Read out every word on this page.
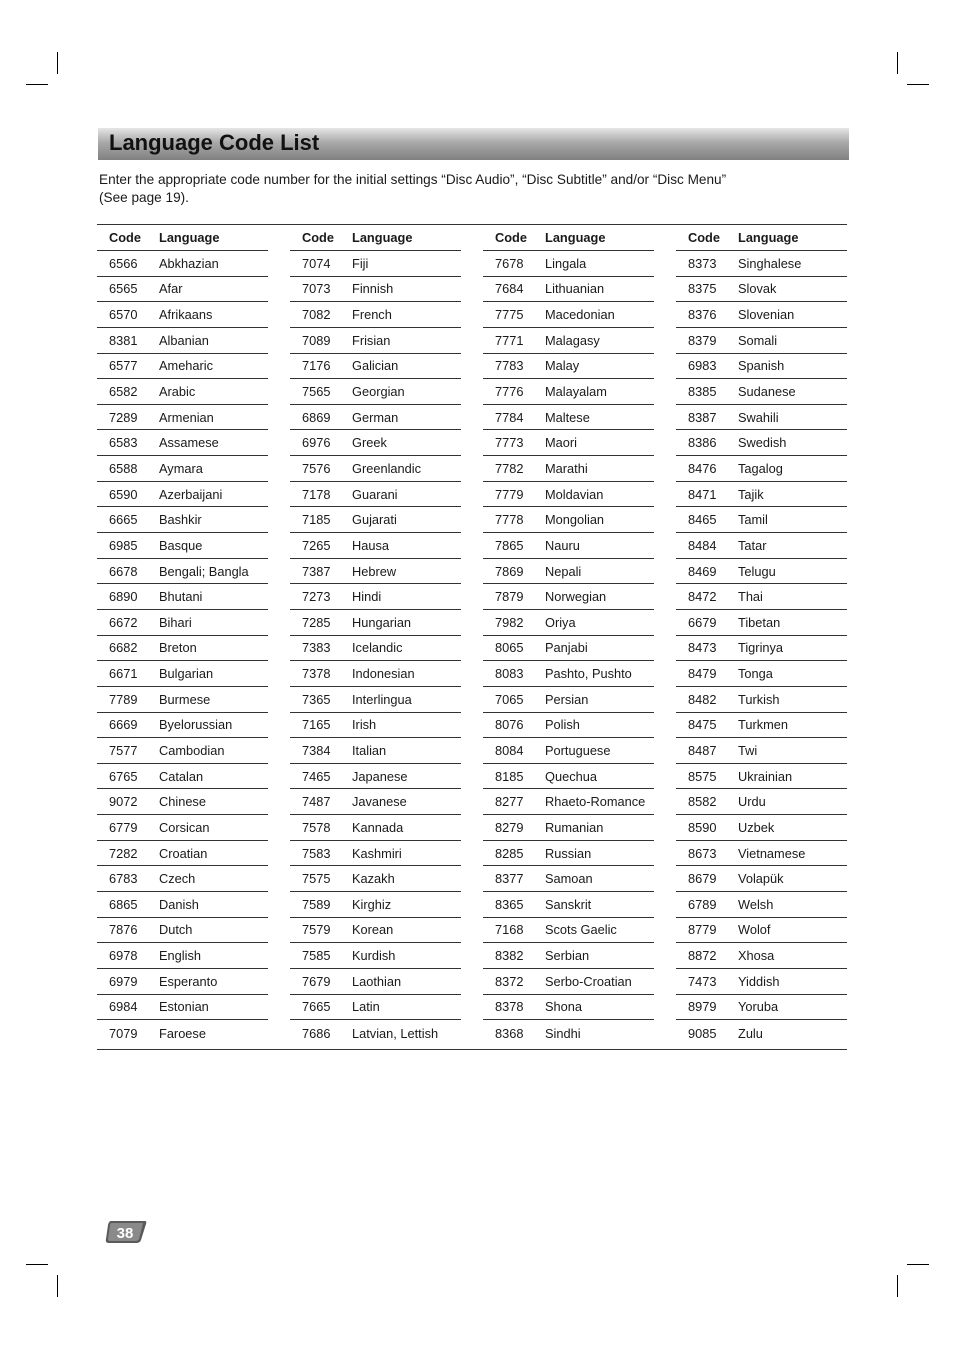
Language Code List

Enter the appropriate code number for the initial settings “Disc Audio”, “Disc Subtitle” and/or “Disc Menu”
(See page 19).

Code	Language
6566	Abkhazian
6565	Afar
6570	Afrikaans
8381	Albanian
6577	Ameharic
6582	Arabic
7289	Armenian
6583	Assamese
6588	Aymara
6590	Azerbaijani
6665	Bashkir
6985	Basque
6678	Bengali; Bangla
6890	Bhutani
6672	Bihari
6682	Breton
6671	Bulgarian
7789	Burmese
6669	Byelorussian
7577	Cambodian
6765	Catalan
9072	Chinese
6779	Corsican
7282	Croatian
6783	Czech
6865	Danish
7876	Dutch
6978	English
6979	Esperanto
6984	Estonian
7079	Faroese
Code	Language
7074	Fiji
7073	Finnish
7082	French
7089	Frisian
7176	Galician
7565	Georgian
6869	German
6976	Greek
7576	Greenlandic
7178	Guarani
7185	Gujarati
7265	Hausa
7387	Hebrew
7273	Hindi
7285	Hungarian
7383	Icelandic
7378	Indonesian
7365	Interlingua
7165	Irish
7384	Italian
7465	Japanese
7487	Javanese
7578	Kannada
7583	Kashmiri
7575	Kazakh
7589	Kirghiz
7579	Korean
7585	Kurdish
7679	Laothian
7665	Latin
7686	Latvian, Lettish
Code	Language
7678	Lingala
7684	Lithuanian
7775	Macedonian
7771	Malagasy
7783	Malay
7776	Malayalam
7784	Maltese
7773	Maori
7782	Marathi
7779	Moldavian
7778	Mongolian
7865	Nauru
7869	Nepali
7879	Norwegian
7982	Oriya
8065	Panjabi
8083	Pashto, Pushto
7065	Persian
8076	Polish
8084	Portuguese
8185	Quechua
8277	Rhaeto-Romance
8279	Rumanian
8285	Russian
8377	Samoan
8365	Sanskrit
7168	Scots Gaelic
8382	Serbian
8372	Serbo-Croatian
8378	Shona
8368	Sindhi
Code	Language
8373	Singhalese
8375	Slovak
8376	Slovenian
8379	Somali
6983	Spanish
8385	Sudanese
8387	Swahili
8386	Swedish
8476	Tagalog
8471	Tajik
8465	Tamil
8484	Tatar
8469	Telugu
8472	Thai
6679	Tibetan
8473	Tigrinya
8479	Tonga
8482	Turkish
8475	Turkmen
8487	Twi
8575	Ukrainian
8582	Urdu
8590	Uzbek
8673	Vietnamese
8679	Volapük
6789	Welsh
8779	Wolof
8872	Xhosa
7473	Yiddish
8979	Yoruba
9085	Zulu
38
